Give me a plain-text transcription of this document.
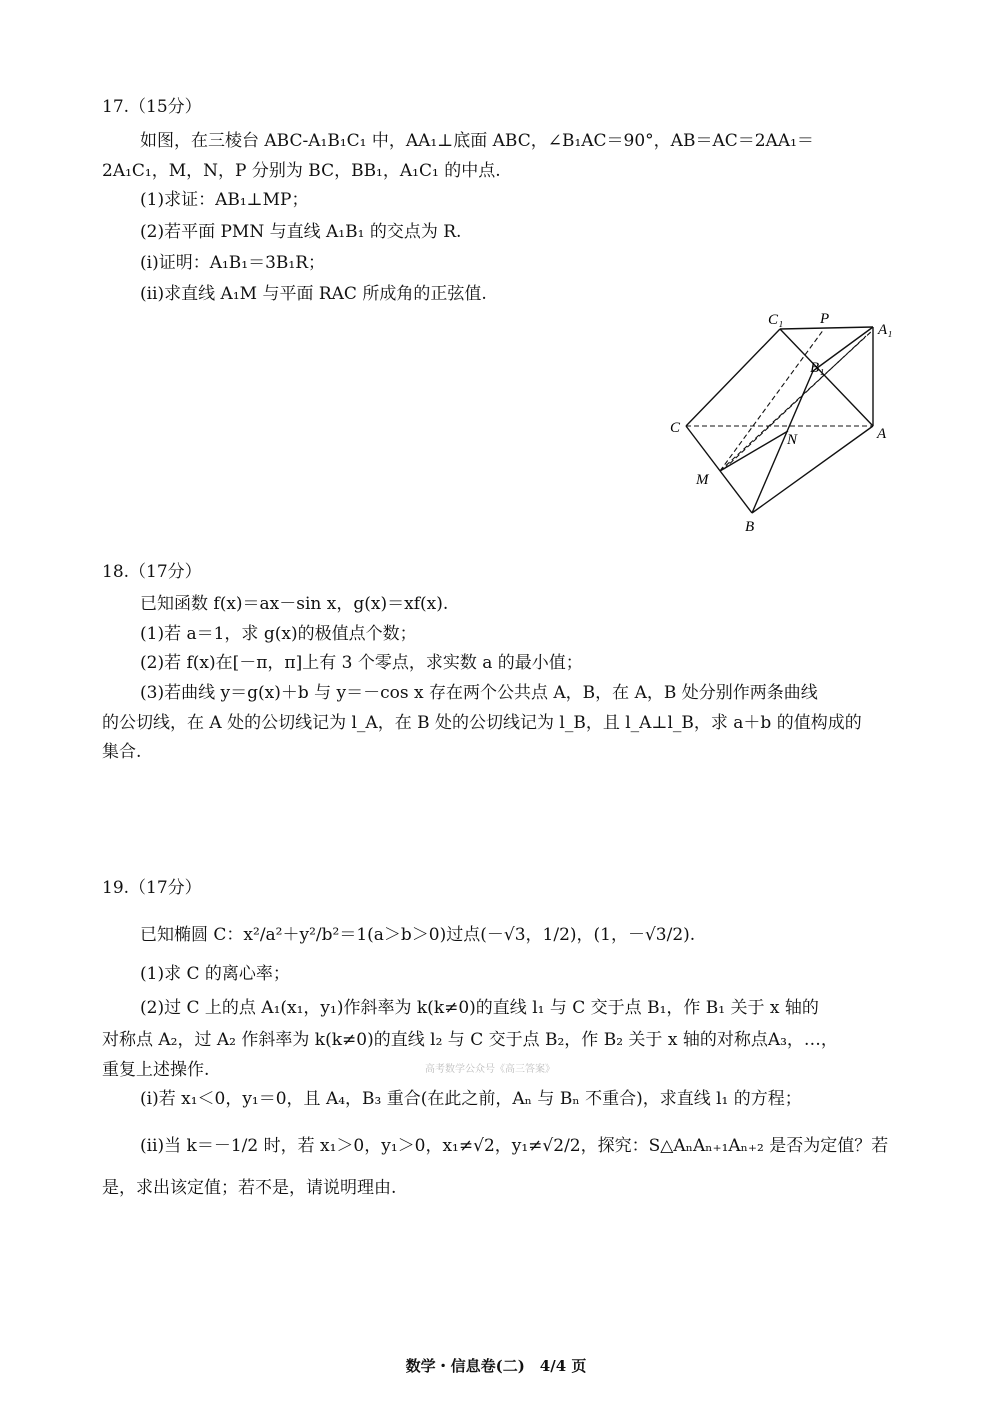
17.（15分）
如图，在三棱台 ABC-A₁B₁C₁ 中，AA₁⊥底面 ABC，∠B₁AC＝90°，AB＝AC＝2AA₁＝
2A₁C₁，M，N，P 分别为 BC，BB₁，A₁C₁ 的中点.
(1)求证：AB₁⊥MP；
(2)若平面 PMN 与直线 A₁B₁ 的交点为 R.
(ⅰ)证明：A₁B₁＝3B₁R；
(ⅱ)求直线 A₁M 与平面 RAC 所成角的正弦值.
C₁ P
A₁
B₁
C
N	A
M
B
18.（17分）
已知函数 f(x)＝ax－sin x，g(x)＝xf(x).
(1)若 a＝1，求 g(x)的极值点个数；
(2)若 f(x)在[－π，π]上有 3 个零点，求实数 a 的最小值；
(3)若曲线 y＝g(x)＋b 与 y＝－cos x 存在两个公共点 A，B，在 A，B 处分别作两条曲线
的公切线，在 A 处的公切线记为 l_A，在 B 处的公切线记为 l_B，且 l_A⊥l_B，求 a＋b 的值构成的
集合.
19.（17分）
已知椭圆 C：x²/a²＋y²/b²＝1(a＞b＞0)过点(－√3，1/2)，(1，－√3/2).
(1)求 C 的离心率；
(2)过 C 上的点 A₁(x₁，y₁)作斜率为 k(k≠0)的直线 l₁ 与 C 交于点 B₁，作 B₁ 关于 x 轴的
对称点 A₂，过 A₂ 作斜率为 k(k≠0)的直线 l₂ 与 C 交于点 B₂，作 B₂ 关于 x 轴的对称点A₃，…，
重复上述操作.
(ⅰ)若 x₁＜0，y₁＝0，且 A₄，B₃ 重合(在此之前，Aₙ 与 Bₙ 不重合)，求直线 l₁ 的方程；
(ⅱ)当 k＝－1/2 时，若 x₁＞0，y₁＞0，x₁≠√2，y₁≠√2/2，探究：S△AₙAₙ₊₁Aₙ₊₂ 是否为定值？若
是，求出该定值；若不是，请说明理由.
高考数学公众号《高三答案》
数学・信息卷(二)　4/4 页
